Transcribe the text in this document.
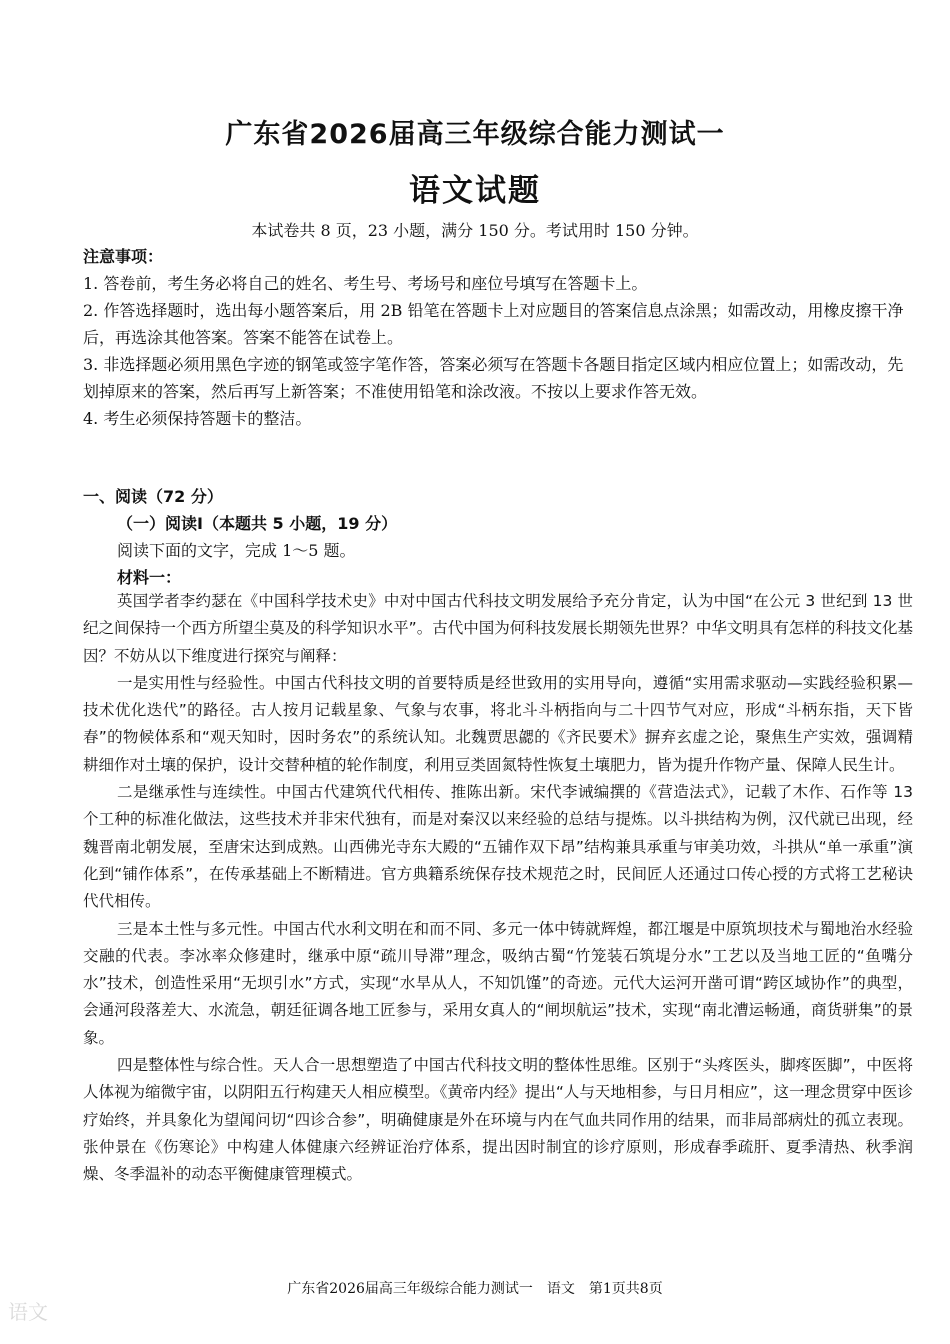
广东省2026届高三年级综合能力测试一
语文试题
本试卷共 8 页，23 小题，满分 150 分。考试用时 150 分钟。
注意事项：

1. 答卷前，考生务必将自己的姓名、考生号、考场号和座位号填写在答题卡上。

2. 作答选择题时，选出每小题答案后，用 2B 铅笔在答题卡上对应题目的答案信息点涂黑；如需改动，用橡皮擦干净后，再选涂其他答案。答案不能答在试卷上。

3. 非选择题必须用黑色字迹的钢笔或签字笔作答，答案必须写在答题卡各题目指定区域内相应位置上；如需改动，先划掉原来的答案，然后再写上新答案；不准使用铅笔和涂改液。不按以上要求作答无效。

4. 考生必须保持答题卡的整洁。

一、阅读（72 分）
（一）阅读Ⅰ（本题共 5 小题，19 分）
阅读下面的文字，完成 1～5 题。
材料一：

英国学者李约瑟在《中国科学技术史》中对中国古代科技文明发展给予充分肯定，认为中国“在公元 3 世纪到 13 世纪之间保持一个西方所望尘莫及的科学知识水平”。古代中国为何科技发展长期领先世界？中华文明具有怎样的科技文化基因？不妨从以下维度进行探究与阐释：

一是实用性与经验性。中国古代科技文明的首要特质是经世致用的实用导向，遵循“实用需求驱动—实践经验积累—技术优化迭代”的路径。古人按月记载星象、气象与农事，将北斗斗柄指向与二十四节气对应，形成“斗柄东指，天下皆春”的物候体系和“观天知时，因时务农”的系统认知。北魏贾思勰的《齐民要术》摒弃玄虚之论，聚焦生产实效，强调精耕细作对土壤的保护，设计交替种植的轮作制度，利用豆类固氮特性恢复土壤肥力，皆为提升作物产量、保障人民生计。

二是继承性与连续性。中国古代建筑代代相传、推陈出新。宋代李诫编撰的《营造法式》，记载了木作、石作等 13 个工种的标准化做法，这些技术并非宋代独有，而是对秦汉以来经验的总结与提炼。以斗拱结构为例，汉代就已出现，经魏晋南北朝发展，至唐宋达到成熟。山西佛光寺东大殿的“五铺作双下昂”结构兼具承重与审美功效，斗拱从“单一承重”演化到“铺作体系”，在传承基础上不断精进。官方典籍系统保存技术规范之时，民间匠人还通过口传心授的方式将工艺秘诀代代相传。

三是本土性与多元性。中国古代水利文明在和而不同、多元一体中铸就辉煌，都江堰是中原筑坝技术与蜀地治水经验交融的代表。李冰率众修建时，继承中原“疏川导滞”理念，吸纳古蜀“竹笼装石筑堤分水”工艺以及当地工匠的“鱼嘴分水”技术，创造性采用“无坝引水”方式，实现“水旱从人，不知饥馑”的奇迹。元代大运河开凿可谓“跨区域协作”的典型，会通河段落差大、水流急，朝廷征调各地工匠参与，采用女真人的“闸坝航运”技术，实现“南北漕运畅通，商货骈集”的景象。

四是整体性与综合性。天人合一思想塑造了中国古代科技文明的整体性思维。区别于“头疼医头，脚疼医脚”，中医将人体视为缩微宇宙，以阴阳五行构建天人相应模型。《黄帝内经》提出“人与天地相参，与日月相应”，这一理念贯穿中医诊疗始终，并具象化为望闻问切“四诊合参”，明确健康是外在环境与内在气血共同作用的结果，而非局部病灶的孤立表现。张仲景在《伤寒论》中构建人体健康六经辨证治疗体系，提出因时制宜的诊疗原则，形成春季疏肝、夏季清热、秋季润燥、冬季温补的动态平衡健康管理模式。

广东省2026届高三年级综合能力测试一　语文　第1页共8页
语文
